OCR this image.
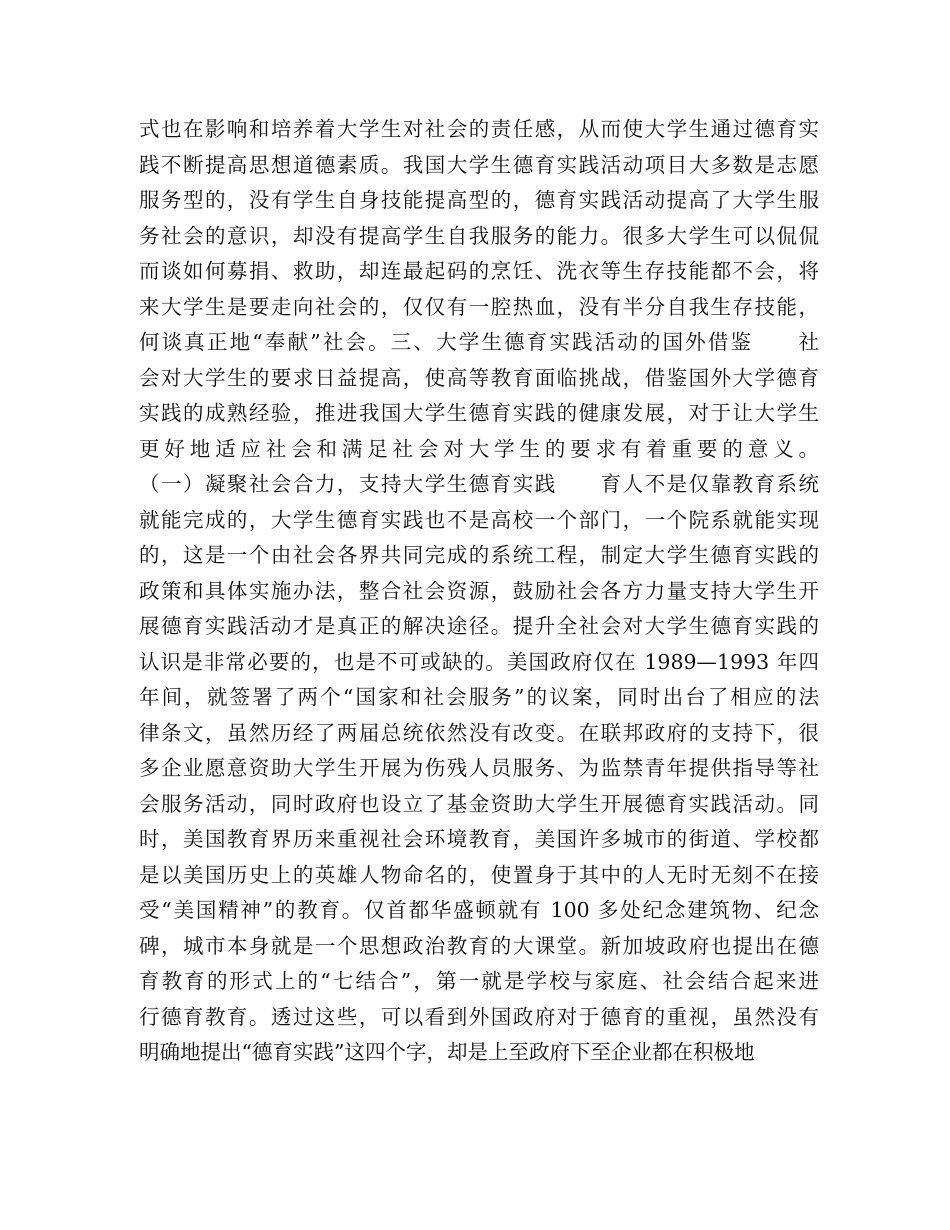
式也在影响和培养着大学生对社会的责任感，从而使大学生通过德育实
践不断提高思想道德素质。我国大学生德育实践活动项目大多数是志愿
服务型的，没有学生自身技能提高型的，德育实践活动提高了大学生服
务社会的意识，却没有提高学生自我服务的能力。很多大学生可以侃侃
而谈如何募捐、救助，却连最起码的烹饪、洗衣等生存技能都不会，将
来大学生是要走向社会的，仅仅有一腔热血，没有半分自我生存技能，
何谈真正地“奉献”社会。三、大学生德育实践活动的国外借鉴　　社
会对大学生的要求日益提高，使高等教育面临挑战，借鉴国外大学德育
实践的成熟经验，推进我国大学生德育实践的健康发展，对于让大学生
更好地适应社会和满足社会对大学生的要求有着重要的意义。
（一）凝聚社会合力，支持大学生德育实践　　育人不是仅靠教育系统
就能完成的，大学生德育实践也不是高校一个部门，一个院系就能实现
的，这是一个由社会各界共同完成的系统工程，制定大学生德育实践的
政策和具体实施办法，整合社会资源，鼓励社会各方力量支持大学生开
展德育实践活动才是真正的解决途径。提升全社会对大学生德育实践的
认识是非常必要的，也是不可或缺的。美国政府仅在 1989—1993 年四
年间，就签署了两个“国家和社会服务”的议案，同时出台了相应的法
律条文，虽然历经了两届总统依然没有改变。在联邦政府的支持下，很
多企业愿意资助大学生开展为伤残人员服务、为监禁青年提供指导等社
会服务活动，同时政府也设立了基金资助大学生开展德育实践活动。同
时，美国教育界历来重视社会环境教育，美国许多城市的街道、学校都
是以美国历史上的英雄人物命名的，使置身于其中的人无时无刻不在接
受“美国精神”的教育。仅首都华盛顿就有 100 多处纪念建筑物、纪念
碑，城市本身就是一个思想政治教育的大课堂。新加坡政府也提出在德
育教育的形式上的“七结合”，第一就是学校与家庭、社会结合起来进
行德育教育。透过这些，可以看到外国政府对于德育的重视，虽然没有
明确地提出“德育实践”这四个字，却是上至政府下至企业都在积极地
